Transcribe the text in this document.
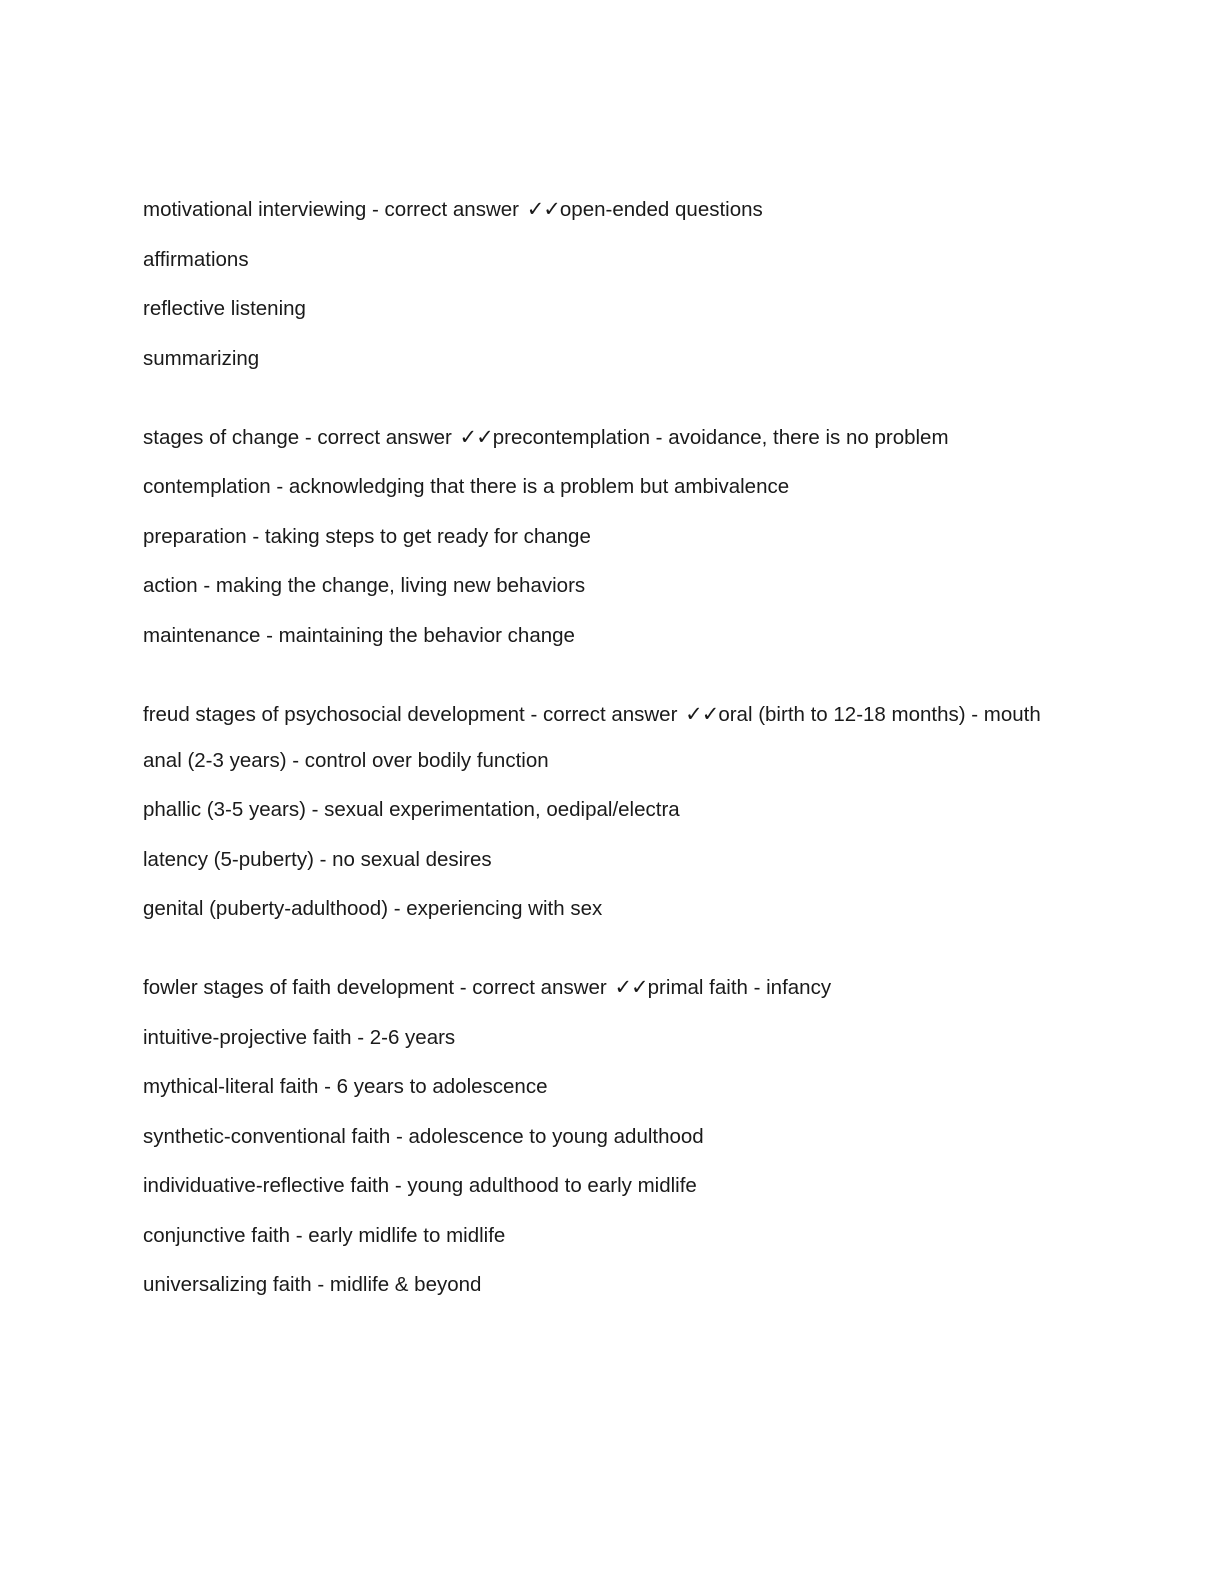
motivational interviewing - correct answer ✓✓open-ended questions

affirmations

reflective listening

summarizing

stages of change - correct answer ✓✓precontemplation - avoidance, there is no problem

contemplation - acknowledging that there is a problem but ambivalence

preparation - taking steps to get ready for change

action - making the change, living new behaviors

maintenance - maintaining the behavior change

freud stages of psychosocial development - correct answer ✓✓oral (birth to 12-18 months) - mouth

anal (2-3 years) - control over bodily function

phallic (3-5 years) - sexual experimentation, oedipal/electra

latency (5-puberty) - no sexual desires

genital (puberty-adulthood) - experiencing with sex

fowler stages of faith development - correct answer ✓✓primal faith - infancy

intuitive-projective faith - 2-6 years

mythical-literal faith - 6 years to adolescence

synthetic-conventional faith - adolescence to young adulthood

individuative-reflective faith - young adulthood to early midlife

conjunctive faith - early midlife to midlife

universalizing faith - midlife & beyond
